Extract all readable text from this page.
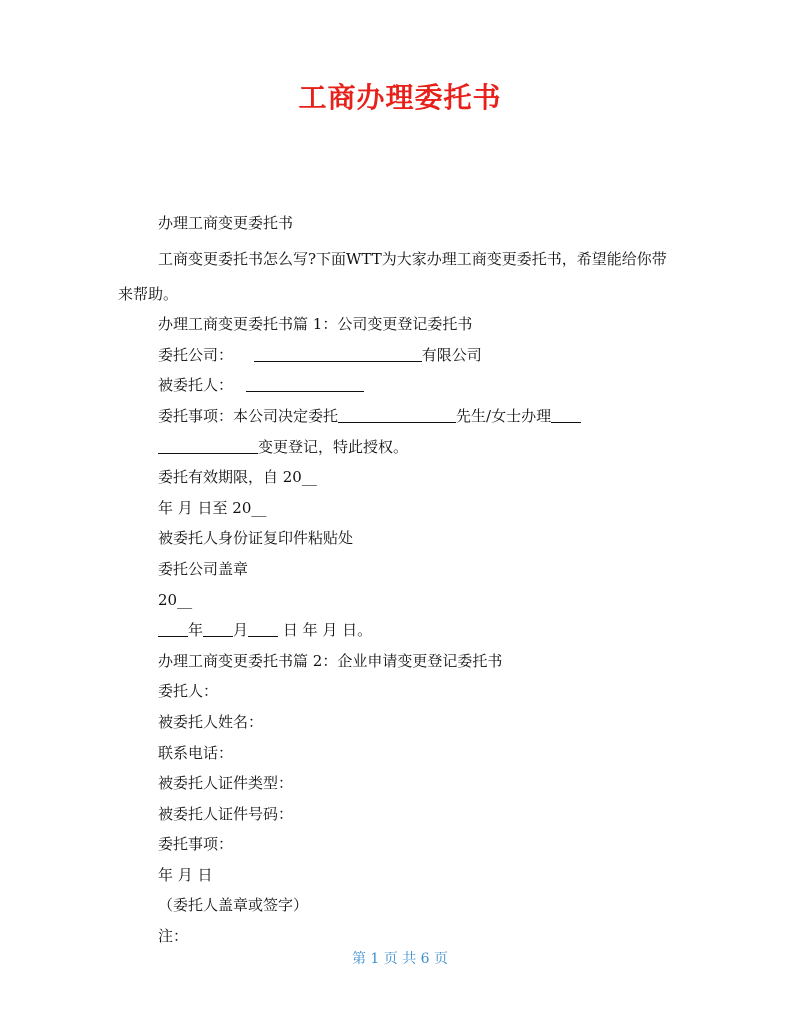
工商办理委托书
办理工商变更委托书
工商变更委托书怎么写?下面WTT为大家办理工商变更委托书，希望能给你带
来帮助。
办理工商变更委托书篇 1：公司变更登记委托书
委托公司：	有限公司
被委托人：
委托事项：本公司决定委托	先生/女士办理
变更登记，特此授权。
委托有效期限，自 20__
年 月 日至 20__
被委托人身份证复印件粘贴处
委托公司盖章
20__
年 月 日 年 月 日。
办理工商变更委托书篇 2：企业申请变更登记委托书
委托人：
被委托人姓名：
联系电话：
被委托人证件类型：
被委托人证件号码：
委托事项：
年 月 日
（委托人盖章或签字）
注：
第 1 页 共 6 页
